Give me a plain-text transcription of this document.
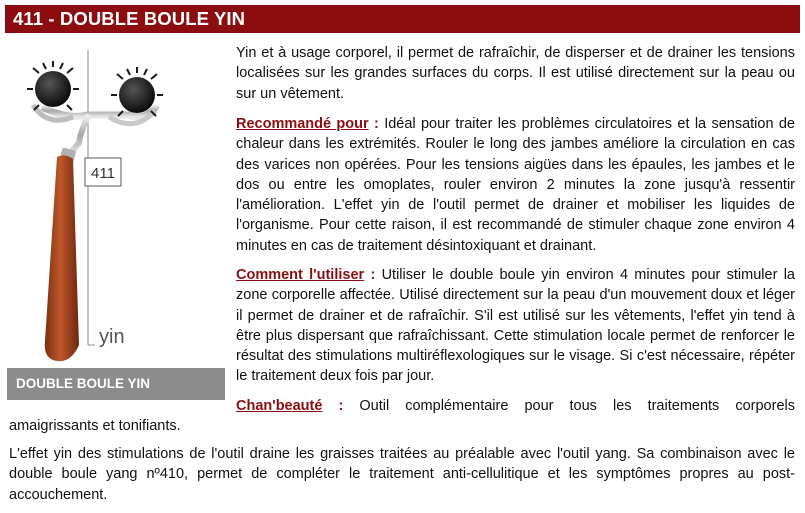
411 - DOUBLE BOULE YIN
411
yin
DOUBLE BOULE YIN
Yin et à usage corporel, il permet de rafraîchir, de disperser et de drainer les tensions localisées sur les grandes surfaces du corps. Il est utilisé directement sur la peau ou sur un vêtement.
Recommandé pour : Idéal pour traiter les problèmes circulatoires et la sensation de chaleur dans les extrémités. Rouler le long des jambes améliore la circulation en cas des varices non opérées. Pour les tensions aigües dans les épaules, les jambes et le dos ou entre les omoplates, rouler environ 2 minutes la zone jusqu'à ressentir l'amélioration. L'effet yin de l'outil permet de drainer et mobiliser les liquides de l'organisme. Pour cette raison, il est recommandé de stimuler chaque zone environ 4 minutes en cas de traitement désintoxiquant et drainant.
Comment l'utiliser : Utiliser le double boule yin environ 4 minutes pour stimuler la zone corporelle affectée. Utilisé directement sur la peau d'un mouvement doux et léger il permet de drainer et de rafraîchir. S'il est utilisé sur les vêtements, l'effet yin tend à être plus dispersant que rafraîchissant. Cette stimulation locale permet de renforcer le résultat des stimulations multiréflexologiques sur le visage. Si c'est nécessaire, répéter le traitement deux fois par jour.
Chan'beauté : Outil complémentaire pour tous les traitements corporels
amaigrissants et tonifiants.
L'effet yin des stimulations de l'outil draine les graisses traitées au préalable avec l'outil yang. Sa combinaison avec le double boule yang nº410, permet de compléter le traitement anti-cellulitique et les symptômes propres au post-accouchement.
